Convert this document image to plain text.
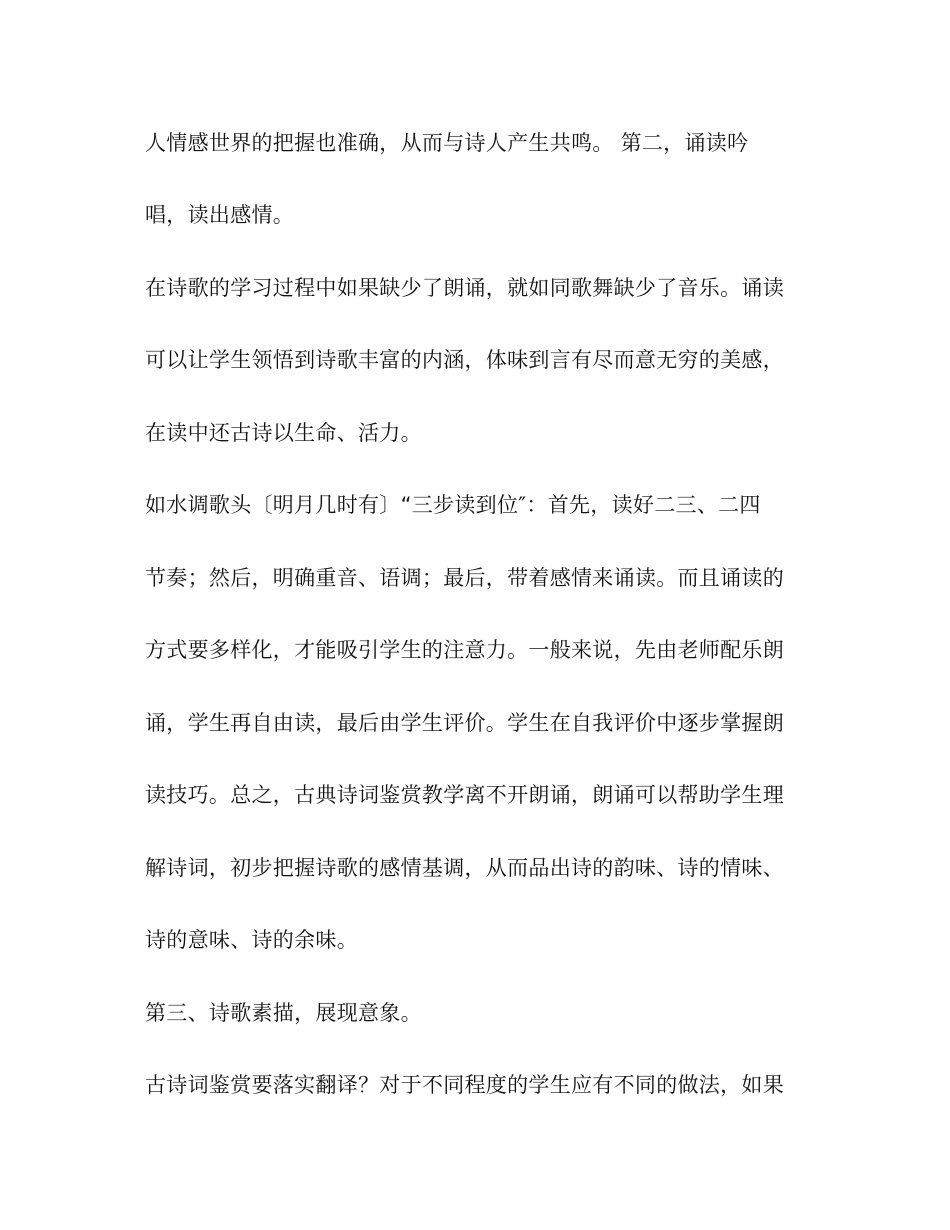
人情感世界的把握也准确，从而与诗人产生共鸣。 第二，诵读吟

唱，读出感情。

在诗歌的学习过程中如果缺少了朗诵，就如同歌舞缺少了音乐。诵读

可以让学生领悟到诗歌丰富的内涵，体味到言有尽而意无穷的美感，

在读中还古诗以生命、活力。

如水调歌头〔明月几时有〕“三步读到位″：首先，读好二三、二四

节奏；然后，明确重音、语调；最后，带着感情来诵读。而且诵读的

方式要多样化，才能吸引学生的注意力。一般来说，先由老师配乐朗

诵，学生再自由读，最后由学生评价。学生在自我评价中逐步掌握朗

读技巧。总之，古典诗词鉴赏教学离不开朗诵，朗诵可以帮助学生理

解诗词，初步把握诗歌的感情基调，从而品出诗的韵味、诗的情味、

诗的意味、诗的余味。

第三、诗歌素描，展现意象。

古诗词鉴赏要落实翻译？对于不同程度的学生应有不同的做法，如果
